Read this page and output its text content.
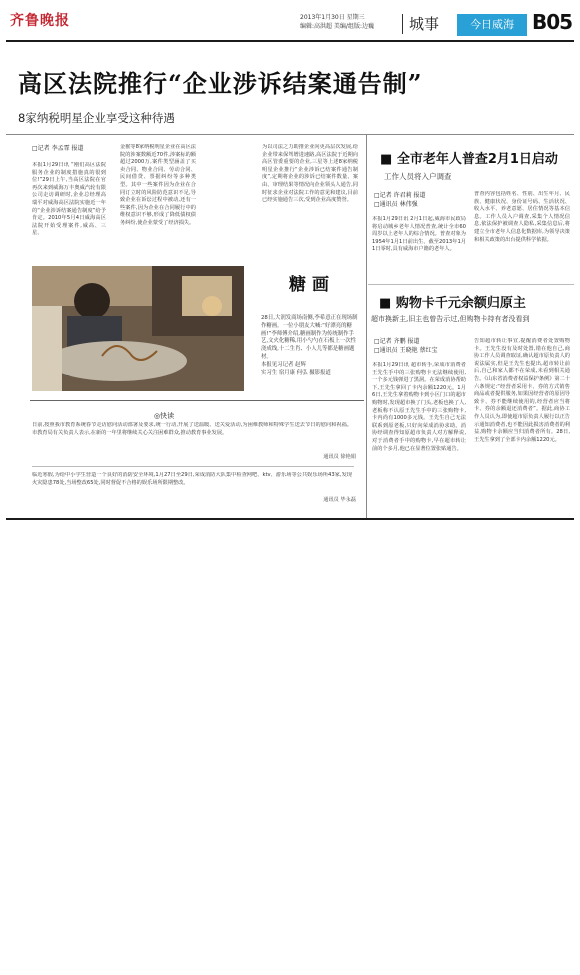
齐鲁晚报	2013年1月30日 星期三
编辑:高洪超 美编/组版:边巍 城事	今日威海 B05
高区法院推行“企业涉诉结案通告制”
8家纳税明星企业享受这种待遇
□记者 李孟霏 报道
本报1月29日讯 “刚们高区法院服务企业的制度措施真的很到位!”29日上午,当高区法院在官再次来到威海万丰奥威汽轮有限公司走访调研时,企业总经理高瑞平对威海高区法院实施近一年的“企业涉诉结案通告制度”给予肯定。2010年5月4日威海高区法院开始受理案件,威高、三星、
金猴等8家纳税明星企业在高区法院的涉案数额近70件,涉案标的额超过2000万,案件类型涵盖了买卖合同、物业合同、劳动合同、民间借贷、票据纠纷等多种类型。其中一些案件因为企业在合同订立时的风险防范意识不足,导致企业在诉讼过程中被动,还有一些案件,因为企业在合同履行中的维权意识不够,形成了降低债权债务纠纷,使企业蒙受了经济损失。
为以司法之力助推企业向更高层次发展,给企业带来保驾增进速路,高区法院于近期向高区管委重要的企业,三星等上述8家纳税明星企业推行“企业涉诉已结案件通告制度”,定期将企业的涉诉已结案件数量、案由、审理结果等情况向企业领头人通告,同时征求企业对法院工作的意见和建议,目前已经实施通告三次,受到企业高度赞誉。
糖画
28日,大润发商场南侧,李希意正在现场制作糖画。一位小朋友大喊:“好漂亮的糖画!”李师傅介绍,糖画制作为传统制作手艺,文火化糖稀,用小勺勺在石板上一次性浇成线,十二生肖、小人儿等都是糖画题材。
本报见习记者 赵辉
实习生 宿月康 何弘 摄影报道
◎快读
日前,按照我市教育系统春节走访慰问活动部署及要求,统一行动,开展了送温暖、送关爱活动,为困难教师和特殊学生送去节日的慰问和祝福。市教育局有关负责人表示,在新的一年里将继续关心关注困难群众,推动教育事业发展。
通讯员 徐艳娟
临近寒假,为给中小学生营造一个良好的消防安全环境,1月27日至29日,荣成消防大队集中检查网吧、ktv、游乐场等公共娱乐场所43家,发现火灾隐患78处,当场整改65处,同时督促不合格的娱乐场所限期整改。
通讯员 毕永磊
■ 全市老年人普查2月1日启动
工作人员将入户调查
□记者 许君莉 报道
□通讯员 林伟强
本报1月29日讯 2月1日起,威海市民政局将启动城乡老年人情况普查,统计全市60周岁以上老年人的综合情况。普查对象为1954年1月1日前出生、截至2013年1月1日零时,具有威海市户籍的老年人。
普查内容包括姓名、性别、出生年月、民族、健康状况、身份证号码、生活状况、收入水平、养老意愿、居住情况等基本信息。工作人员入户调查,采集个人情况信息,依法保护被调查人隐私,采集信息后,将建立全市老年人信息化数据库,为领导决策和相关政策的出台提供科学依据。
■ 购物卡千元余额归原主
超市换新主,旧主也曾告示过,但购物卡持有者没看到
□记者 齐鹏 报道
□通讯员 王晓艳 蔡红宝
本报1月29日讯 超市转手,荣成市消费者王先生手中的三张购物卡无法继续使用,一个多元钱弹进了黑洞。在荣成消协帮助下,王先生拿回了卡内余额1220元。1月6日,王先生拿着购物卡到小区门口的超市购物时,发现超市换了门头,老板也换了人,老板称不认原王先生手中的三张购物卡,卡内尚有1000多元钱。王先生自己无法联系到原老板,只好向荣成消协求助。消协经调查得知原超市负责人对方解释说,对于消费者手中的购物卡,早在超市转让前的个多月,他已在显著位置张贴通告。
告知超市转让事宜,提醒消费者处置购物卡。王先生没有及时处置,错在他自己,商协工作人员调查取证,确认超市原负责人的说法属实,但是王先生也提出,超市转让前后,自己和家人都不在荣成,未看到相关通告。《山东省消费者权益保护条例》第二十六条规定:“经营者采用卡、券的方式销售商品或者提供服务,如果因经营者的原因导致卡、券不能继续使用的,经营者应当将卡、券的余额退还消费者”。据此,商协工作人员认为,即使超市原负责人履行以正告示通知消费者,也不能因此损害消费者的利益,购物卡余额应当归消费者所有。28日,王先生拿到了全部卡内余额1220元。
